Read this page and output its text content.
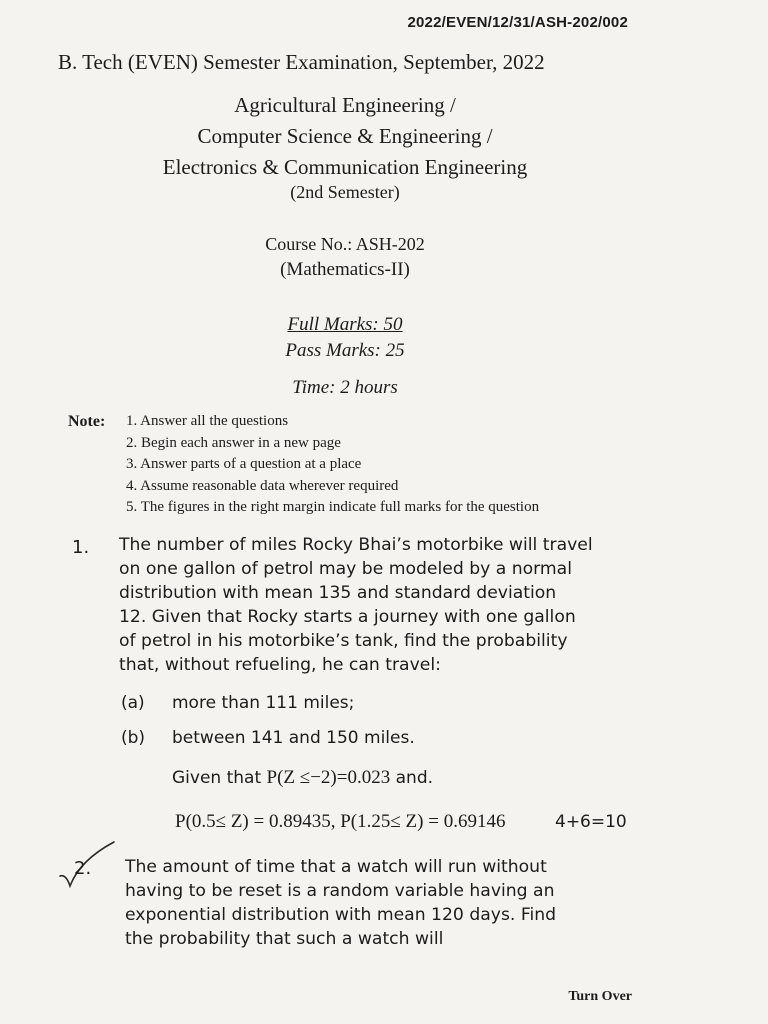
2022/EVEN/12/31/ASH-202/002
B. Tech (EVEN) Semester Examination, September, 2022
Agricultural Engineering /
Computer Science & Engineering /
Electronics & Communication Engineering
(2nd Semester)
Course No.: ASH-202
(Mathematics-II)
Full Marks: 50
Pass Marks: 25
Time: 2 hours
Note: 1. Answer all the questions
2. Begin each answer in a new page
3. Answer parts of a question at a place
4. Assume reasonable data wherever required
5. The figures in the right margin indicate full marks for the question
1. The number of miles Rocky Bhai’s motorbike will travel
on one gallon of petrol may be modeled by a normal
distribution with mean 135 and standard deviation
12. Given that Rocky starts a journey with one gallon
of petrol in his motorbike’s tank, find the probability
that, without refueling, he can travel:
(a) more than 111 miles;
(b) between 141 and 150 miles.
Given that P(Z ≤−2)=0.023 and.
P(0.5≤ Z) = 0.89435, P(1.25≤ Z) = 0.69146	4+6=10
2. The amount of time that a watch will run without
having to be reset is a random variable having an
exponential distribution with mean 120 days. Find
the probability that such a watch will
Turn Over
